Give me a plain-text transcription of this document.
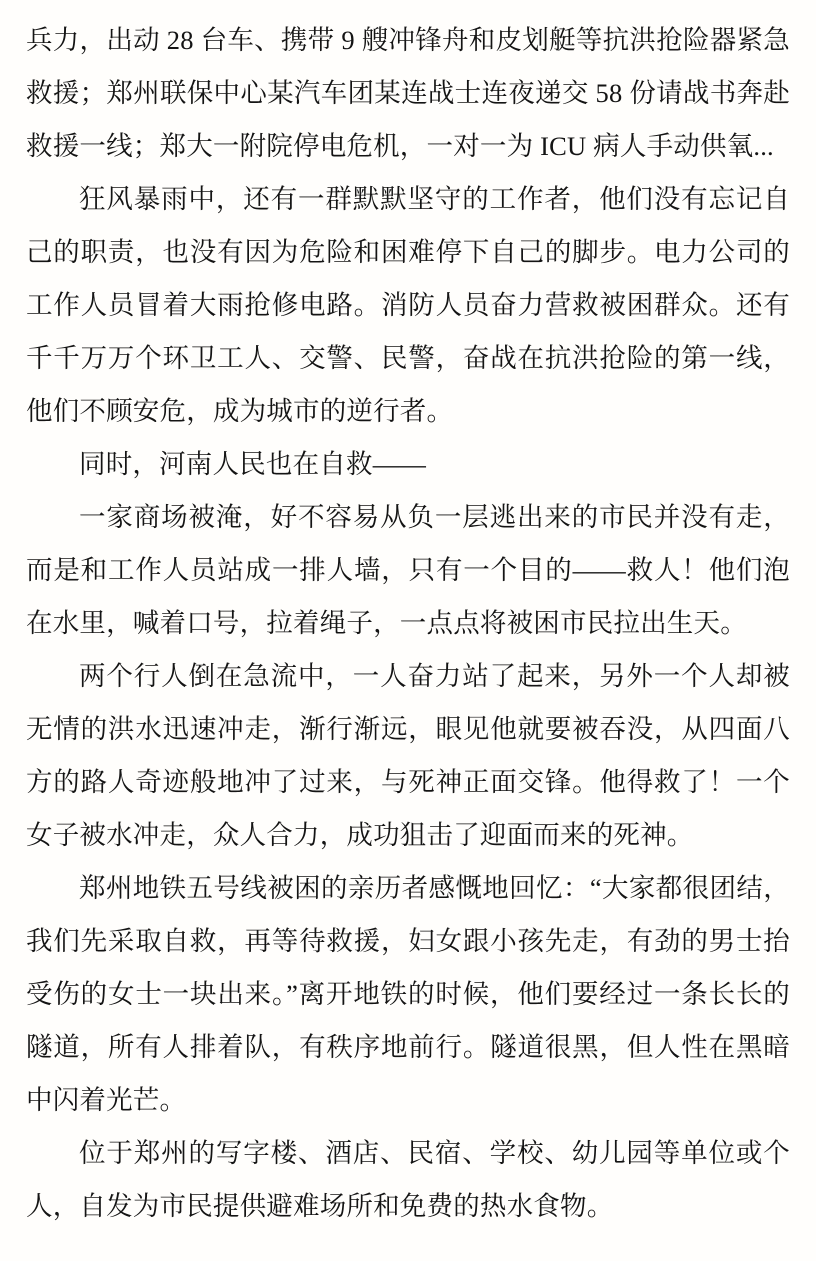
兵力，出动 28 台车、携带 9 艘冲锋舟和皮划艇等抗洪抢险器紧急救援；郑州联保中心某汽车团某连战士连夜递交 58 份请战书奔赴救援一线；郑大一附院停电危机，一对一为 ICU 病人手动供氧...

狂风暴雨中，还有一群默默坚守的工作者，他们没有忘记自己的职责，也没有因为危险和困难停下自己的脚步。电力公司的工作人员冒着大雨抢修电路。消防人员奋力营救被困群众。还有千千万万个环卫工人、交警、民警，奋战在抗洪抢险的第一线，他们不顾安危，成为城市的逆行者。

同时，河南人民也在自救——

一家商场被淹，好不容易从负一层逃出来的市民并没有走，而是和工作人员站成一排人墙，只有一个目的——救人！他们泡在水里，喊着口号，拉着绳子，一点点将被困市民拉出生天。

两个行人倒在急流中，一人奋力站了起来，另外一个人却被无情的洪水迅速冲走，渐行渐远，眼见他就要被吞没，从四面八方的路人奇迹般地冲了过来，与死神正面交锋。他得救了！一个女子被水冲走，众人合力，成功狙击了迎面而来的死神。

郑州地铁五号线被困的亲历者感慨地回忆：“大家都很团结，我们先采取自救，再等待救援，妇女跟小孩先走，有劲的男士抬受伤的女士一块出来。”离开地铁的时候，他们要经过一条长长的隧道，所有人排着队，有秩序地前行。隧道很黑，但人性在黑暗中闪着光芒。

位于郑州的写字楼、酒店、民宿、学校、幼儿园等单位或个人，自发为市民提供避难场所和免费的热水食物。
